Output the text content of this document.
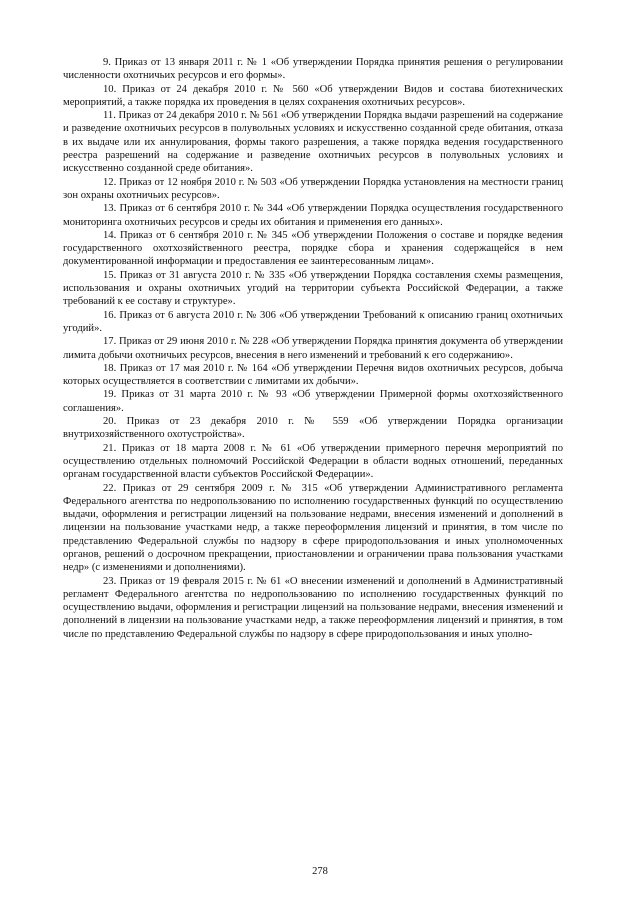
9. Приказ от 13 января 2011 г. № 1 «Об утверждении Порядка принятия решения о регулировании численности охотничьих ресурсов и его формы».

10. Приказ от 24 декабря 2010 г. № 560 «Об утверждении Видов и состава биотехнических мероприятий, а также порядка их проведения в целях сохранения охотничьих ресурсов».

11. Приказ от 24 декабря 2010 г. № 561 «Об утверждении Порядка выдачи разрешений на содержание и разведение охотничьих ресурсов в полувольных условиях и искусственно созданной среде обитания, отказа в их выдаче или их аннулирования, формы такого разрешения, а также порядка ведения государственного реестра разрешений на содержание и разведение охотничьих ресурсов в полувольных условиях и искусственно созданной среде обитания».

12. Приказ от 12 ноября 2010 г. № 503 «Об утверждении Порядка установления на местности границ зон охраны охотничьих ресурсов».

13. Приказ от 6 сентября 2010 г. № 344 «Об утверждении Порядка осуществления государственного мониторинга охотничьих ресурсов и среды их обитания и применения его данных».

14. Приказ от 6 сентября 2010 г. № 345 «Об утверждении Положения о составе и порядке ведения государственного охотхозяйственного реестра, порядке сбора и хранения содержащейся в нем документированной информации и предоставления ее заинтересованным лицам».

15. Приказ от 31 августа 2010 г. № 335 «Об утверждении Порядка составления схемы размещения, использования и охраны охотничьих угодий на территории субъекта Российской Федерации, а также требований к ее составу и структуре».

16. Приказ от 6 августа 2010 г. № 306 «Об утверждении Требований к описанию границ охотничьих угодий».

17. Приказ от 29 июня 2010 г. № 228 «Об утверждении Порядка принятия документа об утверждении лимита добычи охотничьих ресурсов, внесения в него изменений и требований к его содержанию».

18. Приказ от 17 мая 2010 г. № 164 «Об утверждении Перечня видов охотничьих ресурсов, добыча которых осуществляется в соответствии с лимитами их добычи».

19. Приказ от 31 марта 2010 г. № 93 «Об утверждении Примерной формы охотхозяйственного соглашения».

20. Приказ от 23 декабря 2010 г. № 559 «Об утверждении Порядка организации внутрихозяйственного охотустройства».

21. Приказ от 18 марта 2008 г. № 61 «Об утверждении примерного перечня мероприятий по осуществлению отдельных полномочий Российской Федерации в области водных отношений, переданных органам государственной власти субъектов Российской Федерации».

22. Приказ от 29 сентября 2009 г. № 315 «Об утверждении Административного регламента Федерального агентства по недропользованию по исполнению государственных функций по осуществлению выдачи, оформления и регистрации лицензий на пользование недрами, внесения изменений и дополнений в лицензии на пользование участками недр, а также переоформления лицензий и принятия, в том числе по представлению Федеральной службы по надзору в сфере природопользования и иных уполномоченных органов, решений о досрочном прекращении, приостановлении и ограничении права пользования участками недр» (с изменениями и дополнениями).

23. Приказ от 19 февраля 2015 г. № 61 «О внесении изменений и дополнений в Административный регламент Федерального агентства по недропользованию по исполнению государственных функций по осуществлению выдачи, оформления и регистрации лицензий на пользование недрами, внесения изменений и дополнений в лицензии на пользование участками недр, а также переоформления лицензий и принятия, в том числе по представлению Федеральной службы по надзору в сфере природопользования и иных уполно-

278
